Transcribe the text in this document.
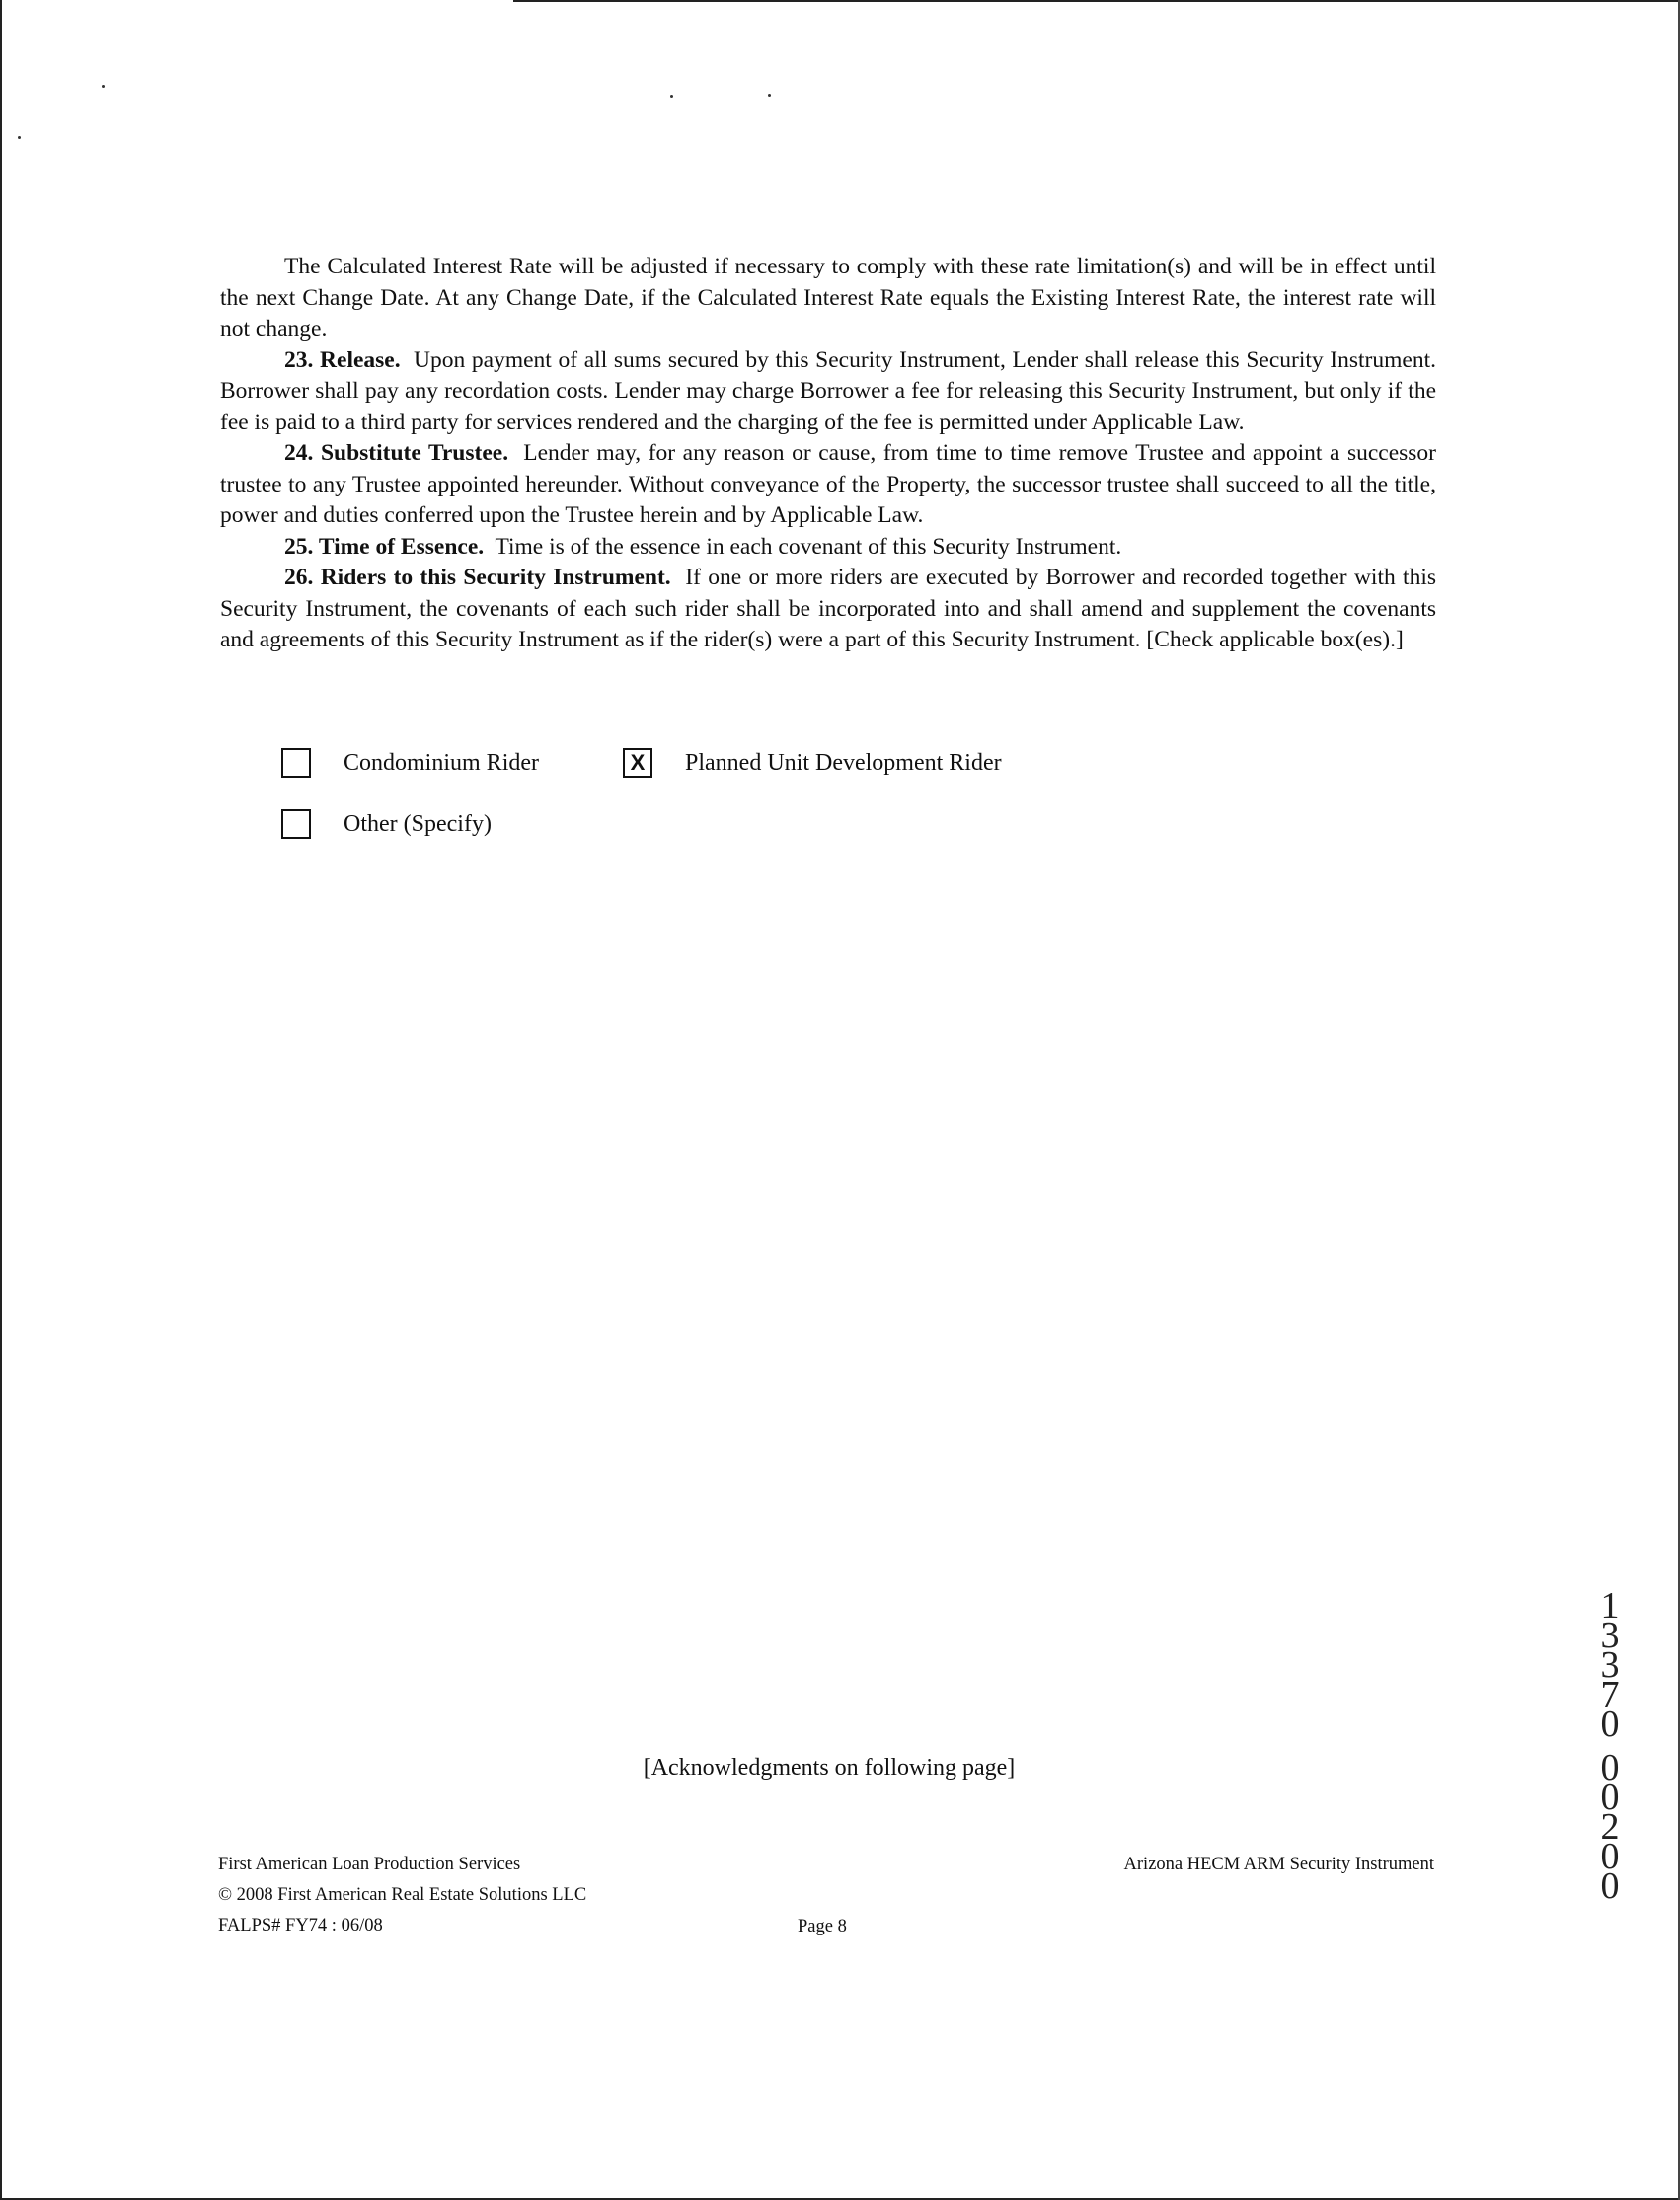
The Calculated Interest Rate will be adjusted if necessary to comply with these rate limitation(s) and will be in effect until the next Change Date. At any Change Date, if the Calculated Interest Rate equals the Existing Interest Rate, the interest rate will not change.

23. Release. Upon payment of all sums secured by this Security Instrument, Lender shall release this Security Instrument. Borrower shall pay any recordation costs. Lender may charge Borrower a fee for releasing this Security Instrument, but only if the fee is paid to a third party for services rendered and the charging of the fee is permitted under Applicable Law.

24. Substitute Trustee. Lender may, for any reason or cause, from time to time remove Trustee and appoint a successor trustee to any Trustee appointed hereunder. Without conveyance of the Property, the successor trustee shall succeed to all the title, power and duties conferred upon the Trustee herein and by Applicable Law.

25. Time of Essence. Time is of the essence in each covenant of this Security Instrument.

26. Riders to this Security Instrument. If one or more riders are executed by Borrower and recorded together with this Security Instrument, the covenants of each such rider shall be incorporated into and shall amend and supplement the covenants and agreements of this Security Instrument as if the rider(s) were a part of this Security Instrument. [Check applicable box(es).]

Condominium Rider	X	Planned Unit Development Rider
Other (Specify)
[Acknowledgments on following page]
First American Loan Production Services
© 2008 First American Real Estate Solutions LLC
FALPS# FY74 : 06/08	Page 8
Arizona HECM ARM Security Instrument
1
3
3
7
0

0
0
2
0
0
